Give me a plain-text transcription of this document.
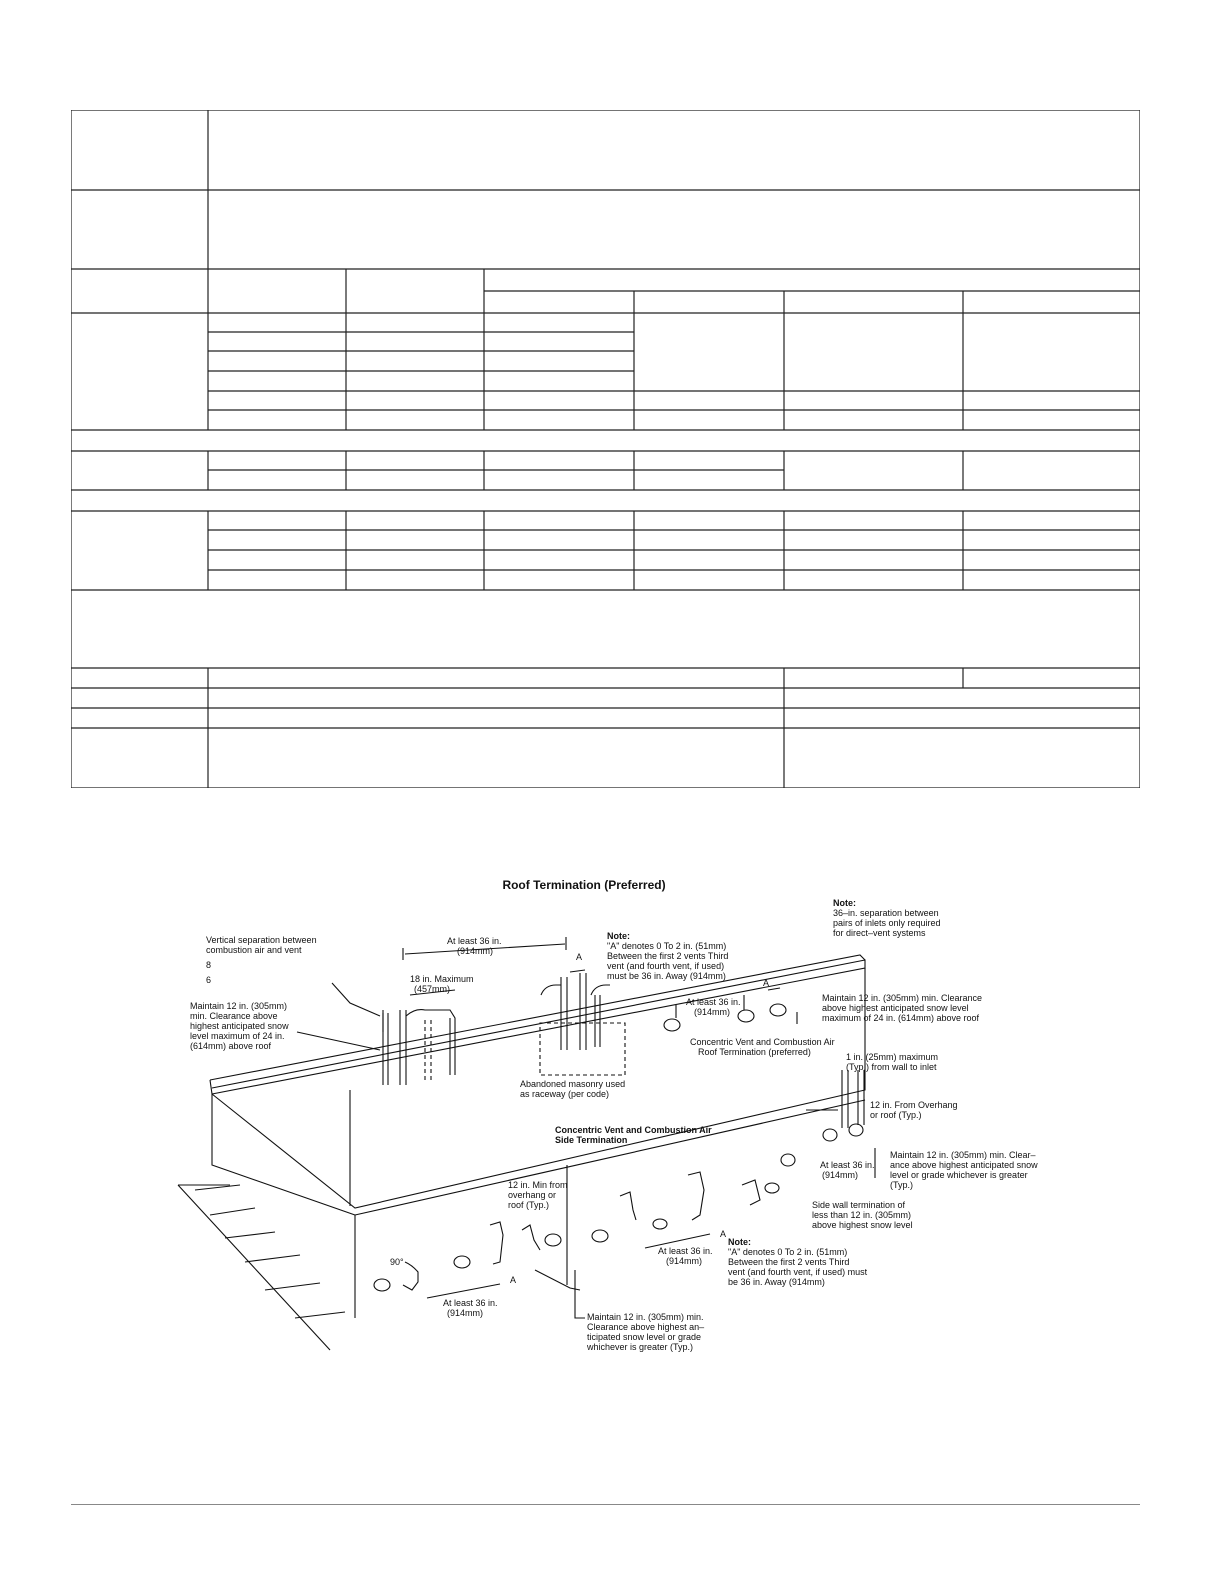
Vertical separation between
combustion air and vent
8
6
Maintain 12 in. (305mm)
min. Clearance above
highest anticipated snow
level maximum of 24 in.
(614mm) above roof
At least 36 in.
(914mm)
18 in. Maximum
(457mm)
Note:
"A" denotes 0 To 2 in. (51mm)
Between the first 2 vents Third
vent (and fourth vent, if used)
must be 36 in. Away (914mm)
A
Abandoned masonry used
as raceway (per code)
Note:
36–in. separation between
pairs of inlets only required
for direct–vent systems
At least 36 in.
(914mm)
A
Maintain 12 in. (305mm) min. Clearance
above highest anticipated snow level
maximum of 24 in. (614mm) above roof
Concentric Vent and Combustion Air
Roof Termination (preferred)	1 in. (25mm) maximum
(Typ.) from wall to inlet
12 in. From Overhang
or roof (Typ.)
Concentric Vent and Combustion Air
Side Termination
12 in. Min from
overhang or
roof (Typ.)
At least 36 in.
(914mm)
Maintain 12 in. (305mm) min. Clear–
ance above highest anticipated snow
level or grade whichever is greater
(Typ.)
Side wall termination of
less than 12 in. (305mm)
above highest snow level
At least 36 in.
(914mm)
Note:
"A" denotes 0 To 2 in. (51mm)
Between the first 2 vents Third
vent (and fourth vent, if used) must
be 36 in. Away (914mm)
A
A
90°
At least 36 in.
(914mm)	Maintain 12 in. (305mm) min.
Clearance above highest an–
ticipated snow level or grade
whichever is greater (Typ.)
Roof Termination (Preferred)
